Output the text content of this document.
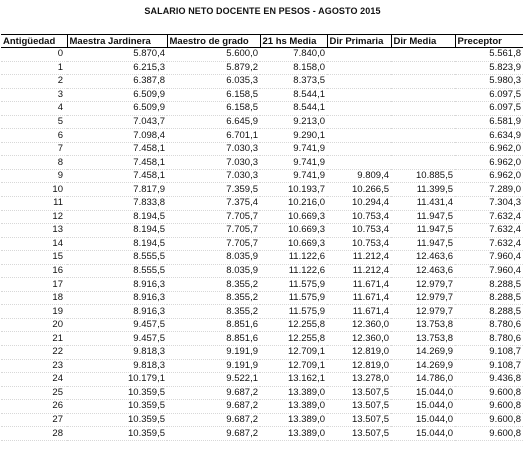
SALARIO NETO DOCENTE EN PESOS - AGOSTO 2015
Antigüedad	Maestra Jardinera	Maestro de grado	21 hs Media	Dir Primaria	Dir Media	Preceptor
0	5.870,4	5.600,0	7.840,0			5.561,8
1	6.215,3	5.879,2	8.158,0			5.823,9
2	6.387,8	6.035,3	8.373,5			5.980,3
3	6.509,9	6.158,5	8.544,1			6.097,5
4	6.509,9	6.158,5	8.544,1			6.097,5
5	7.043,7	6.645,9	9.213,0			6.581,9
6	7.098,4	6.701,1	9.290,1			6.634,9
7	7.458,1	7.030,3	9.741,9			6.962,0
8	7.458,1	7.030,3	9.741,9			6.962,0
9	7.458,1	7.030,3	9.741,9	9.809,4	10.885,5	6.962,0
10	7.817,9	7.359,5	10.193,7	10.266,5	11.399,5	7.289,0
11	7.833,8	7.375,4	10.216,0	10.294,4	11.431,4	7.304,3
12	8.194,5	7.705,7	10.669,3	10.753,4	11.947,5	7.632,4
13	8.194,5	7.705,7	10.669,3	10.753,4	11.947,5	7.632,4
14	8.194,5	7.705,7	10.669,3	10.753,4	11.947,5	7.632,4
15	8.555,5	8.035,9	11.122,6	11.212,4	12.463,6	7.960,4
16	8.555,5	8.035,9	11.122,6	11.212,4	12.463,6	7.960,4
17	8.916,3	8.355,2	11.575,9	11.671,4	12.979,7	8.288,5
18	8.916,3	8.355,2	11.575,9	11.671,4	12.979,7	8.288,5
19	8.916,3	8.355,2	11.575,9	11.671,4	12.979,7	8.288,5
20	9.457,5	8.851,6	12.255,8	12.360,0	13.753,8	8.780,6
21	9.457,5	8.851,6	12.255,8	12.360,0	13.753,8	8.780,6
22	9.818,3	9.191,9	12.709,1	12.819,0	14.269,9	9.108,7
23	9.818,3	9.191,9	12.709,1	12.819,0	14.269,9	9.108,7
24	10.179,1	9.522,1	13.162,1	13.278,0	14.786,0	9.436,8
25	10.359,5	9.687,2	13.389,0	13.507,5	15.044,0	9.600,8
26	10.359,5	9.687,2	13.389,0	13.507,5	15.044,0	9.600,8
27	10.359,5	9.687,2	13.389,0	13.507,5	15.044,0	9.600,8
28	10.359,5	9.687,2	13.389,0	13.507,5	15.044,0	9.600,8
